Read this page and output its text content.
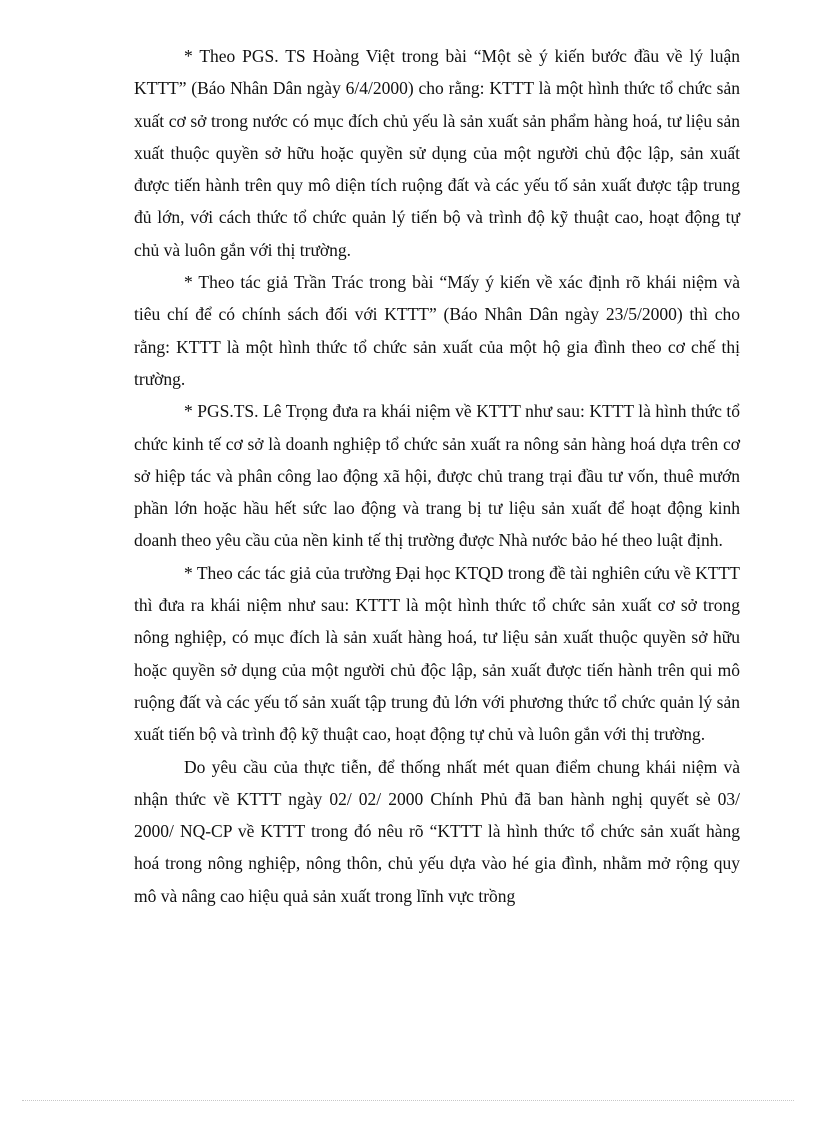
* Theo PGS. TS Hoàng Việt trong bài “Một sè ý kiến bước đầu về lý luận KTTT” (Báo Nhân Dân ngày 6/4/2000) cho rằng: KTTT là một hình thức tổ chức sản xuất cơ sở trong nước có mục đích chủ yếu là sản xuất sản phẩm hàng hoá, tư liệu sản xuất thuộc quyền sở hữu hoặc quyền sử dụng của một người chủ độc lập, sản xuất được tiến hành trên quy mô diện tích ruộng đất và các yếu tố sản xuất được tập trung đủ lớn, với cách thức tổ chức quản lý tiến bộ và trình độ kỹ thuật cao, hoạt động tự chủ và luôn gắn với thị trường.

* Theo tác giả Trần Trác trong bài “Mấy ý kiến về xác định rõ khái niệm và tiêu chí để có chính sách đối với KTTT” (Báo Nhân Dân ngày 23/5/2000) thì cho rằng: KTTT là một hình thức tổ chức sản xuất của một hộ gia đình theo cơ chế thị trường.

* PGS.TS. Lê Trọng đưa ra khái niệm về KTTT như sau: KTTT là hình thức tổ chức kinh tế cơ sở là doanh nghiệp tổ chức sản xuất ra nông sản hàng hoá dựa trên cơ sở hiệp tác và phân công lao động xã hội, được chủ trang trại đầu tư vốn, thuê mướn phần lớn hoặc hầu hết sức lao động và trang bị tư liệu sản xuất để hoạt động kinh doanh theo yêu cầu của nền kinh tế thị trường được Nhà nước bảo hé theo luật định.

* Theo các tác giả của trường Đại học KTQD trong đề tài nghiên cứu về KTTT thì đưa ra khái niệm như sau: KTTT là một hình thức tổ chức sản xuất cơ sở trong nông nghiệp, có mục đích là sản xuất hàng hoá, tư liệu sản xuất thuộc quyền sở hữu hoặc quyền sở dụng của một người chủ độc lập, sản xuất được tiến hành trên qui mô ruộng đất và các yếu tố sản xuất tập trung đủ lớn với phương thức tổ chức quản lý sản xuất tiến bộ và trình độ kỹ thuật cao, hoạt động tự chủ và luôn gắn với thị trường.

Do yêu cầu của thực tiễn, để thống nhất mét quan điểm chung khái niệm và nhận thức về KTTT ngày 02/ 02/ 2000 Chính Phủ đã ban hành nghị quyết sè 03/ 2000/ NQ-CP về KTTT trong đó nêu rõ “KTTT là hình thức tổ chức sản xuất hàng hoá trong nông nghiệp, nông thôn, chủ yếu dựa vào hé gia đình, nhằm mở rộng quy mô và nâng cao hiệu quả sản xuất trong lĩnh vực trồng
